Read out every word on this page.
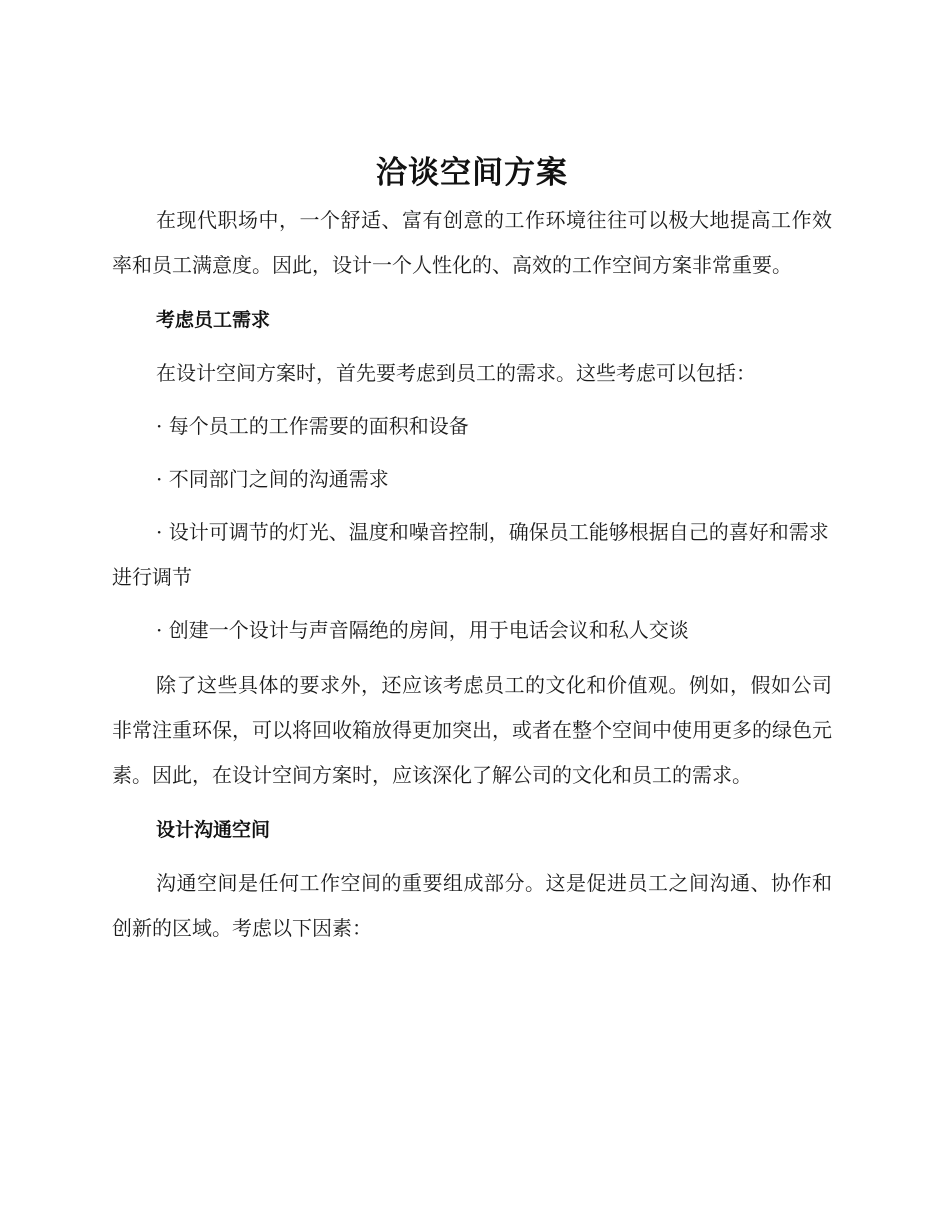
洽谈空间方案

在现代职场中，一个舒适、富有创意的工作环境往往可以极大地提高工作效率和员工满意度。因此，设计一个人性化的、高效的工作空间方案非常重要。

考虑员工需求

在设计空间方案时，首先要考虑到员工的需求。这些考虑可以包括：

· 每个员工的工作需要的面积和设备

· 不同部门之间的沟通需求

· 设计可调节的灯光、温度和噪音控制，确保员工能够根据自己的喜好和需求进行调节

· 创建一个设计与声音隔绝的房间，用于电话会议和私人交谈

除了这些具体的要求外，还应该考虑员工的文化和价值观。例如，假如公司非常注重环保，可以将回收箱放得更加突出，或者在整个空间中使用更多的绿色元素。因此，在设计空间方案时，应该深化了解公司的文化和员工的需求。

设计沟通空间

沟通空间是任何工作空间的重要组成部分。这是促进员工之间沟通、协作和创新的区域。考虑以下因素：
